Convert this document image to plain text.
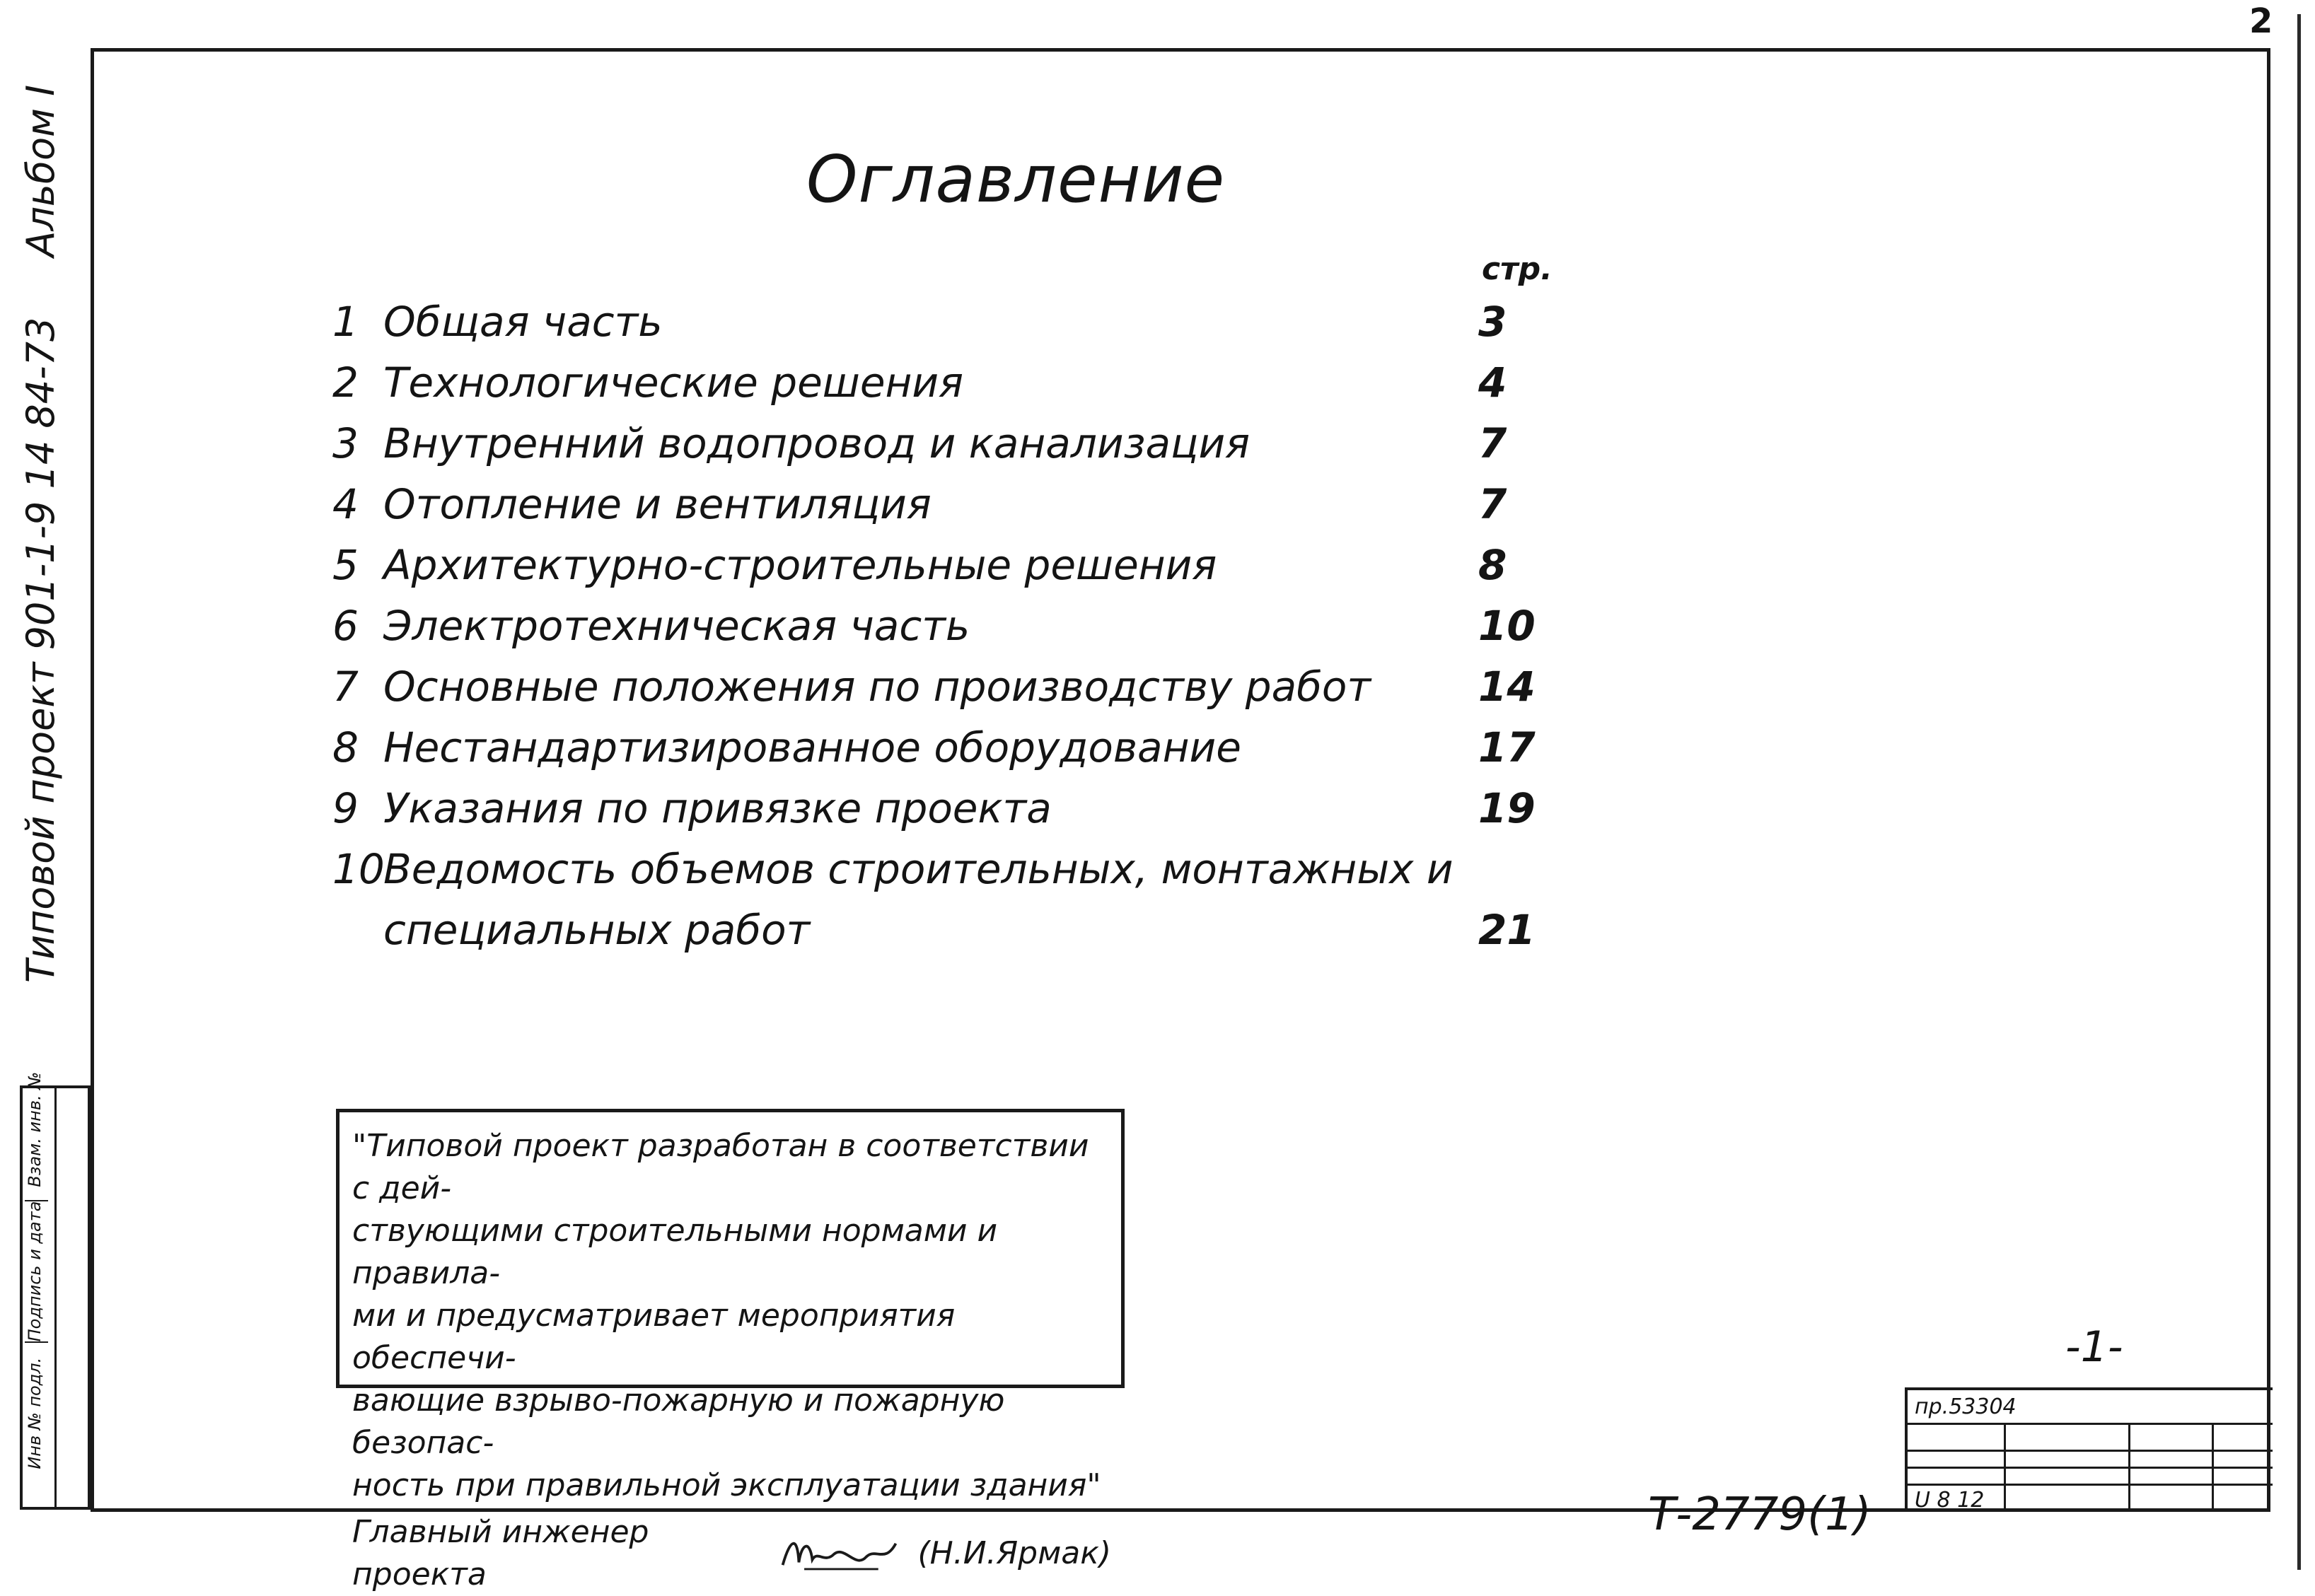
2
Типовой проект 901-1-9 14 84-73
Альбом I
Инв № подл.
Подпись и дата
Взам. инв. №
Оглавление
стр.
1 Общая часть	3
2 Технологические решения	4
3 Внутренний водопровод и канализация	7
4 Отопление и вентиляция	7
5 Архитектурно-строительные решения	8
6 Электротехническая часть	10
7 Основные положения по производству работ	14
8 Нестандартизированное оборудование	17
9 Указания по привязке проекта	19
10Ведомость объемов строительных, монтажных и
специальных работ	21
"Типовой проект разработан в соответствии с дей-
ствующими строительными нормами и правила-
ми и предусматривает мероприятия обеспечи-
вающие взрыво-пожарную и пожарную безопас-
ность при правильной эксплуатации здания"
Главный инженер проекта
(Н.И.Ярмак)
-1-
пр.53304
U 8 12
Т-2779(1)
